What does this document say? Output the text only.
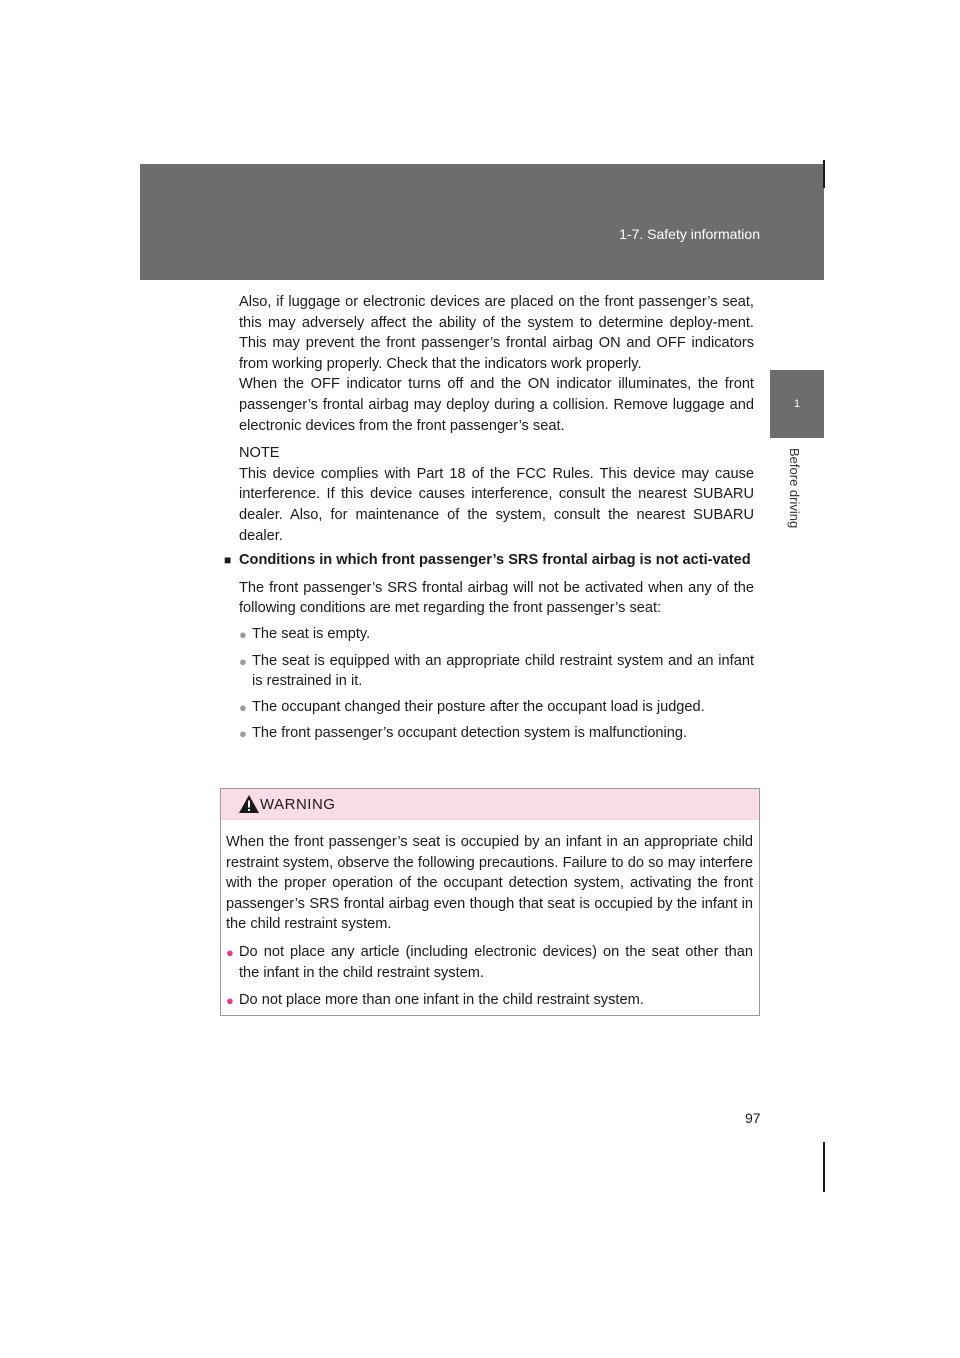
1-7. Safety information
1
Before driving

Also, if luggage or electronic devices are placed on the front passenger’s seat, this may adversely affect the ability of the system to determine deploy-ment. This may prevent the front passenger’s frontal airbag ON and OFF indicators from working properly. Check that the indicators work properly.

When the OFF indicator turns off and the ON indicator illuminates, the front passenger’s frontal airbag may deploy during a collision. Remove luggage and electronic devices from the front passenger’s seat.

NOTE

This device complies with Part 18 of the FCC Rules. This device may cause interference. If this device causes interference, consult the nearest SUBARU dealer. Also, for maintenance of the system, consult the nearest SUBARU dealer.

■ Conditions in which front passenger’s SRS frontal airbag is not acti-vated

The front passenger’s SRS frontal airbag will not be activated when any of the following conditions are met regarding the front passenger’s seat:

● The seat is empty.
● The seat is equipped with an appropriate child restraint system and an infant is restrained in it.
● The occupant changed their posture after the occupant load is judged.
● The front passenger’s occupant detection system is malfunctioning.
WARNING

When the front passenger’s seat is occupied by an infant in an appropriate child restraint system, observe the following precautions. Failure to do so may interfere with the proper operation of the occupant detection system, activating the front passenger’s SRS frontal airbag even though that seat is occupied by the infant in the child restraint system.

● Do not place any article (including electronic devices) on the seat other than the infant in the child restraint system.
● Do not place more than one infant in the child restraint system.
97
